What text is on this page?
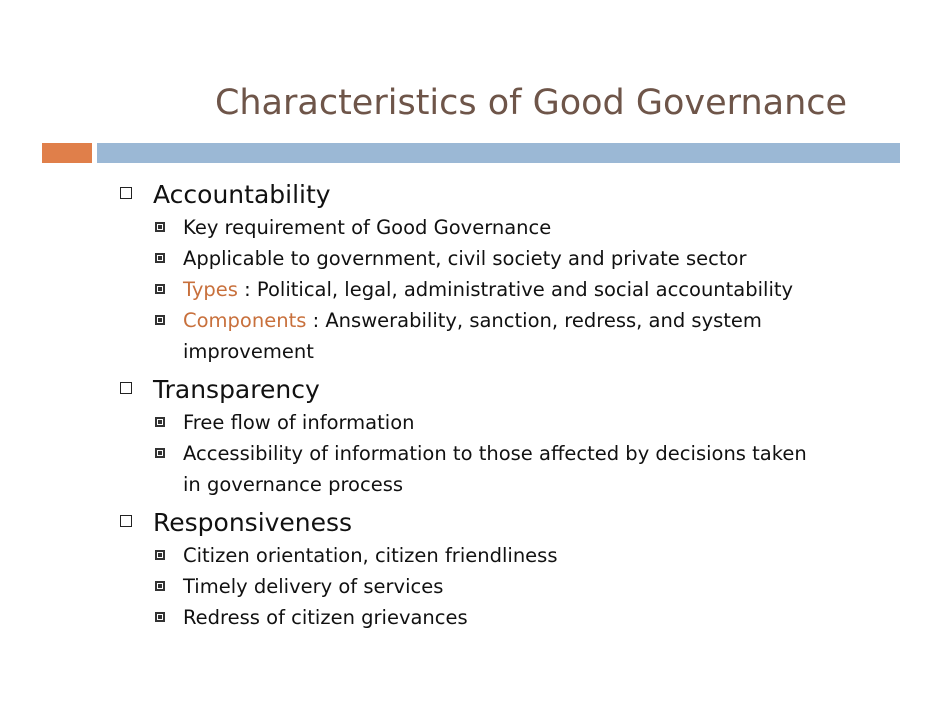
Characteristics of Good Governance
Accountability
Key requirement of Good Governance
Applicable to government, civil society and private sector
Types : Political, legal, administrative and social accountability
Components : Answerability, sanction, redress, and system
improvement
Transparency
Free flow of information
Accessibility of information to those affected by decisions taken
in governance process
Responsiveness
Citizen orientation, citizen friendliness
Timely delivery of services
Redress of citizen grievances
